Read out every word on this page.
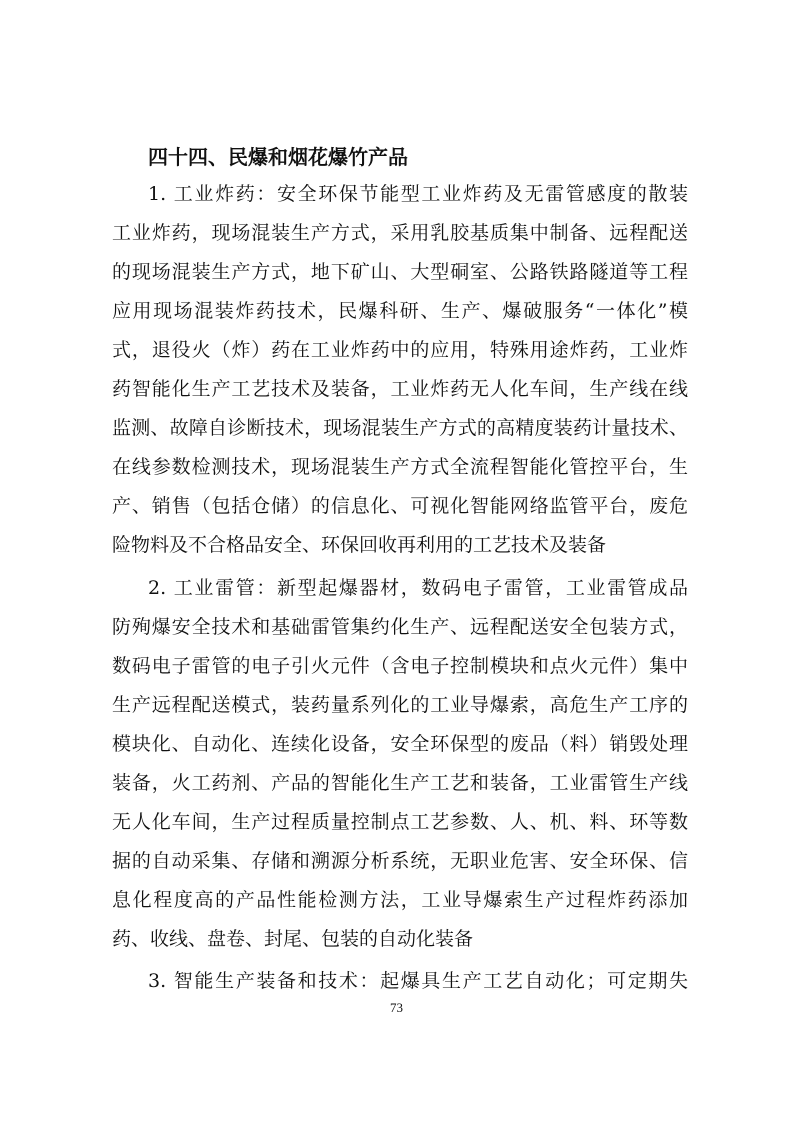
四十四、民爆和烟花爆竹产品
1. 工业炸药：安全环保节能型工业炸药及无雷管感度的散装
工业炸药，现场混装生产方式，采用乳胶基质集中制备、远程配送
的现场混装生产方式，地下矿山、大型硐室、公路铁路隧道等工程
应用现场混装炸药技术，民爆科研、生产、爆破服务“一体化”模
式，退役火（炸）药在工业炸药中的应用，特殊用途炸药，工业炸
药智能化生产工艺技术及装备，工业炸药无人化车间，生产线在线
监测、故障自诊断技术，现场混装生产方式的高精度装药计量技术、
在线参数检测技术，现场混装生产方式全流程智能化管控平台，生
产、销售（包括仓储）的信息化、可视化智能网络监管平台，废危
险物料及不合格品安全、环保回收再利用的工艺技术及装备
2. 工业雷管：新型起爆器材，数码电子雷管，工业雷管成品
防殉爆安全技术和基础雷管集约化生产、远程配送安全包装方式，
数码电子雷管的电子引火元件（含电子控制模块和点火元件）集中
生产远程配送模式，装药量系列化的工业导爆索，高危生产工序的
模块化、自动化、连续化设备，安全环保型的废品（料）销毁处理
装备，火工药剂、产品的智能化生产工艺和装备，工业雷管生产线
无人化车间，生产过程质量控制点工艺参数、人、机、料、环等数
据的自动采集、存储和溯源分析系统，无职业危害、安全环保、信
息化程度高的产品性能检测方法，工业导爆索生产过程炸药添加
药、收线、盘卷、封尾、包装的自动化装备
3. 智能生产装备和技术：起爆具生产工艺自动化；可定期失
73
